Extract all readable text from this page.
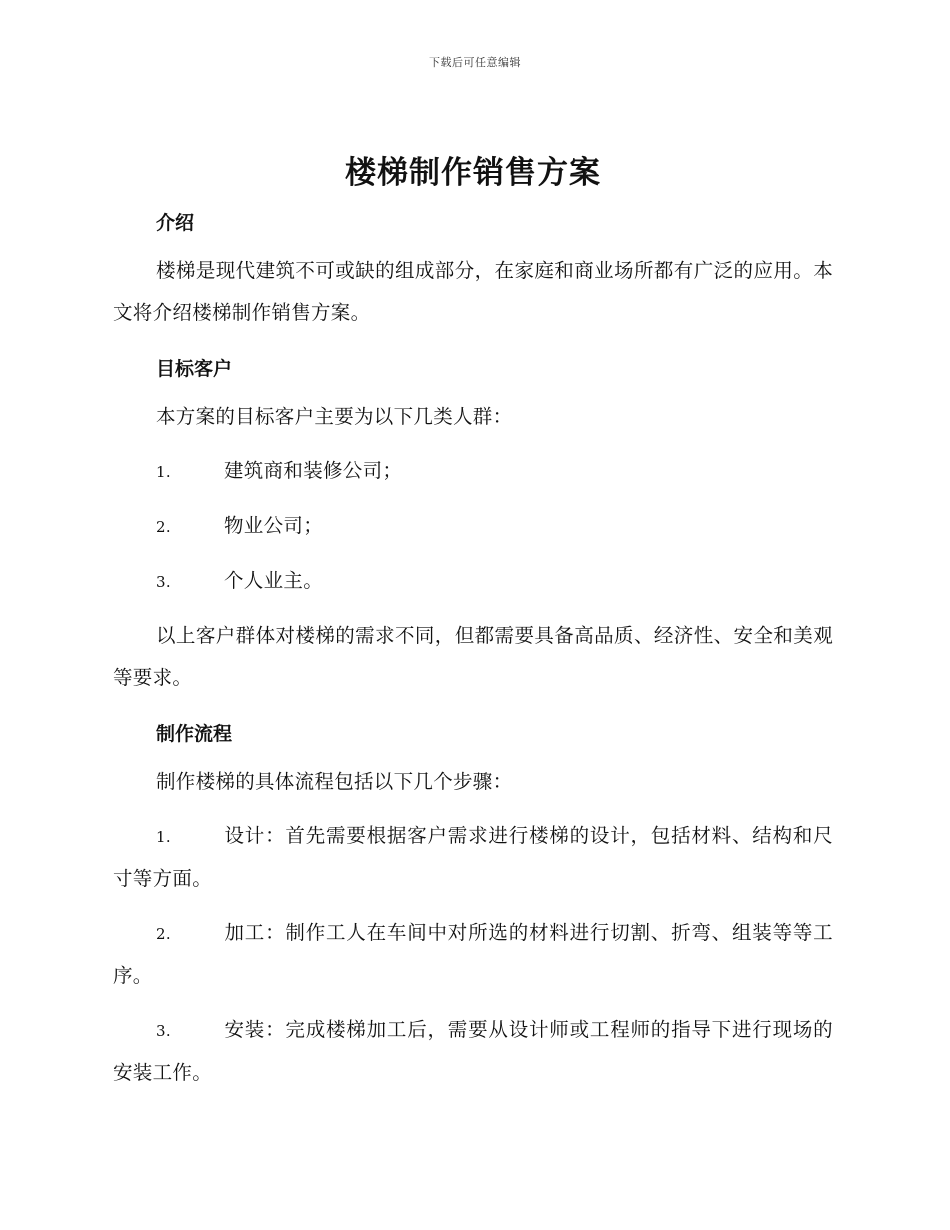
下载后可任意编辑
楼梯制作销售方案
介绍

楼梯是现代建筑不可或缺的组成部分，在家庭和商业场所都有广泛的应用。本文将介绍楼梯制作销售方案。

目标客户

本方案的目标客户主要为以下几类人群：

1.	建筑商和装修公司；

2.	物业公司；

3.	个人业主。

以上客户群体对楼梯的需求不同，但都需要具备高品质、经济性、安全和美观等要求。

制作流程

制作楼梯的具体流程包括以下几个步骤：

1.	设计：首先需要根据客户需求进行楼梯的设计，包括材料、结构和尺寸等方面。

2.	加工：制作工人在车间中对所选的材料进行切割、折弯、组装等等工序。

3.	安装：完成楼梯加工后，需要从设计师或工程师的指导下进行现场的安装工作。
